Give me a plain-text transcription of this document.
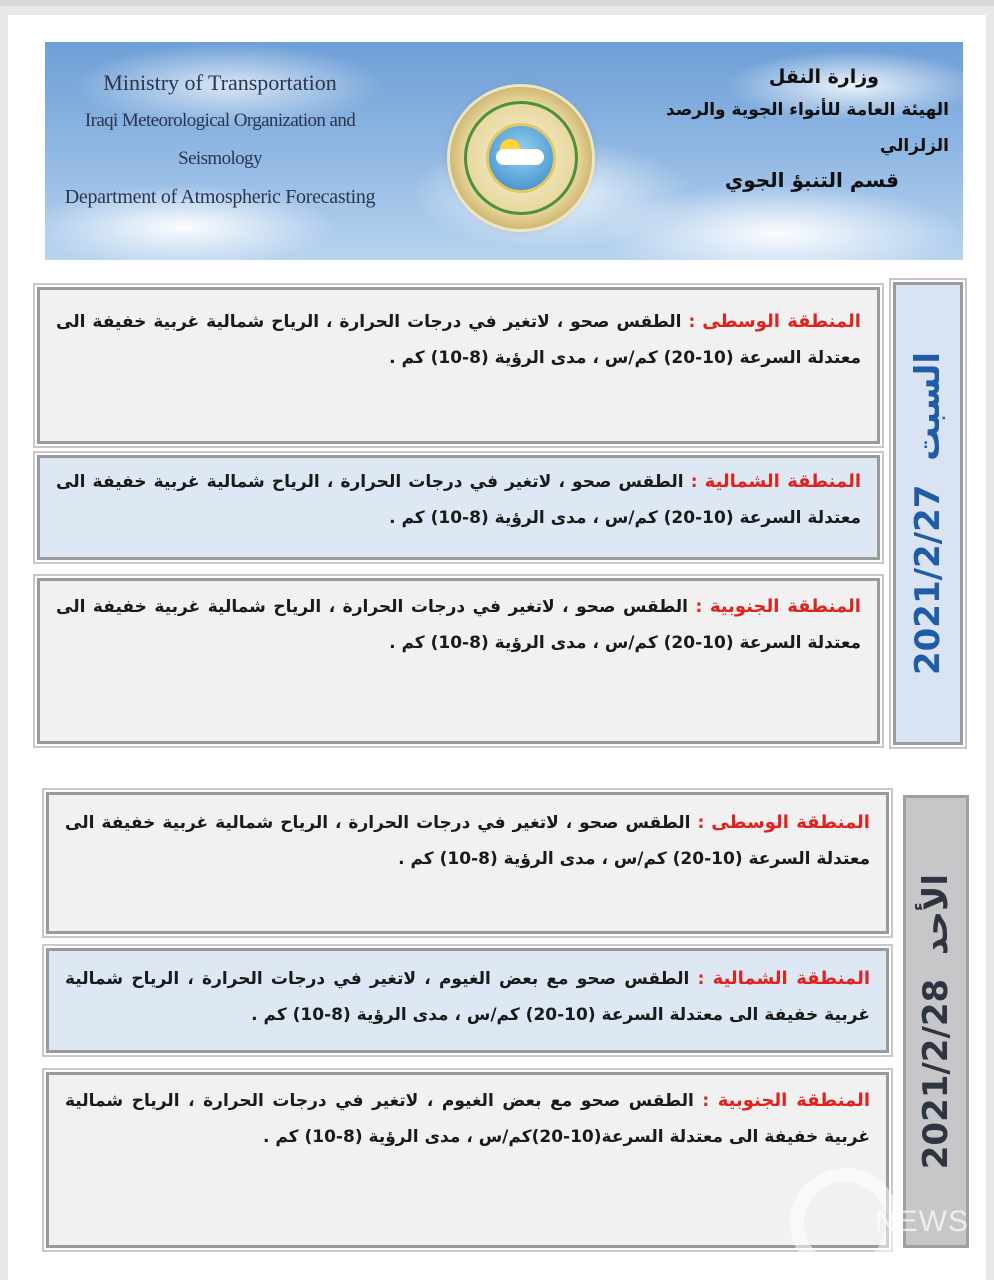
Ministry of Transportation
Iraqi Meteorological Organization and Seismology
Department of Atmospheric Forecasting
وزارة النقل
الهيئة العامة للأنواء الجوية والرصد الزلزالي
قسم التنبؤ الجوي
المنطقة الوسطى : الطقس صحو ، لاتغير في درجات الحرارة ، الرياح شمالية غربية خفيفة الى معتدلة السرعة (10-20) كم/س ، مدى الرؤية (8-10) كم .
المنطقة الشمالية : الطقس صحو ، لاتغير في درجات الحرارة ، الرياح شمالية غربية خفيفة الى معتدلة السرعة (10-20) كم/س ، مدى الرؤية (8-10) كم .
المنطقة الجنوبية : الطقس صحو ، لاتغير في درجات الحرارة ، الرياح شمالية غربية خفيفة الى معتدلة السرعة (10-20) كم/س ، مدى الرؤية (8-10) كم . 2021/2/27  السبت
المنطقة الوسطى : الطقس صحو ، لاتغير في درجات الحرارة ، الرياح شمالية غربية خفيفة الى معتدلة السرعة (10-20) كم/س ، مدى الرؤية (8-10) كم .
المنطقة الشمالية : الطقس صحو مع بعض الغيوم ، لاتغير في درجات الحرارة ، الرياح شمالية غربية خفيفة الى معتدلة السرعة (10-20) كم/س ، مدى الرؤية (8-10) كم .
المنطقة الجنوبية : الطقس صحو مع بعض الغيوم ، لاتغير في درجات الحرارة ، الرياح شمالية غربية خفيفة الى معتدلة السرعة(10-20)كم/س ، مدى الرؤية (8-10) كم . 2021/2/28  الأحد
NEWS
